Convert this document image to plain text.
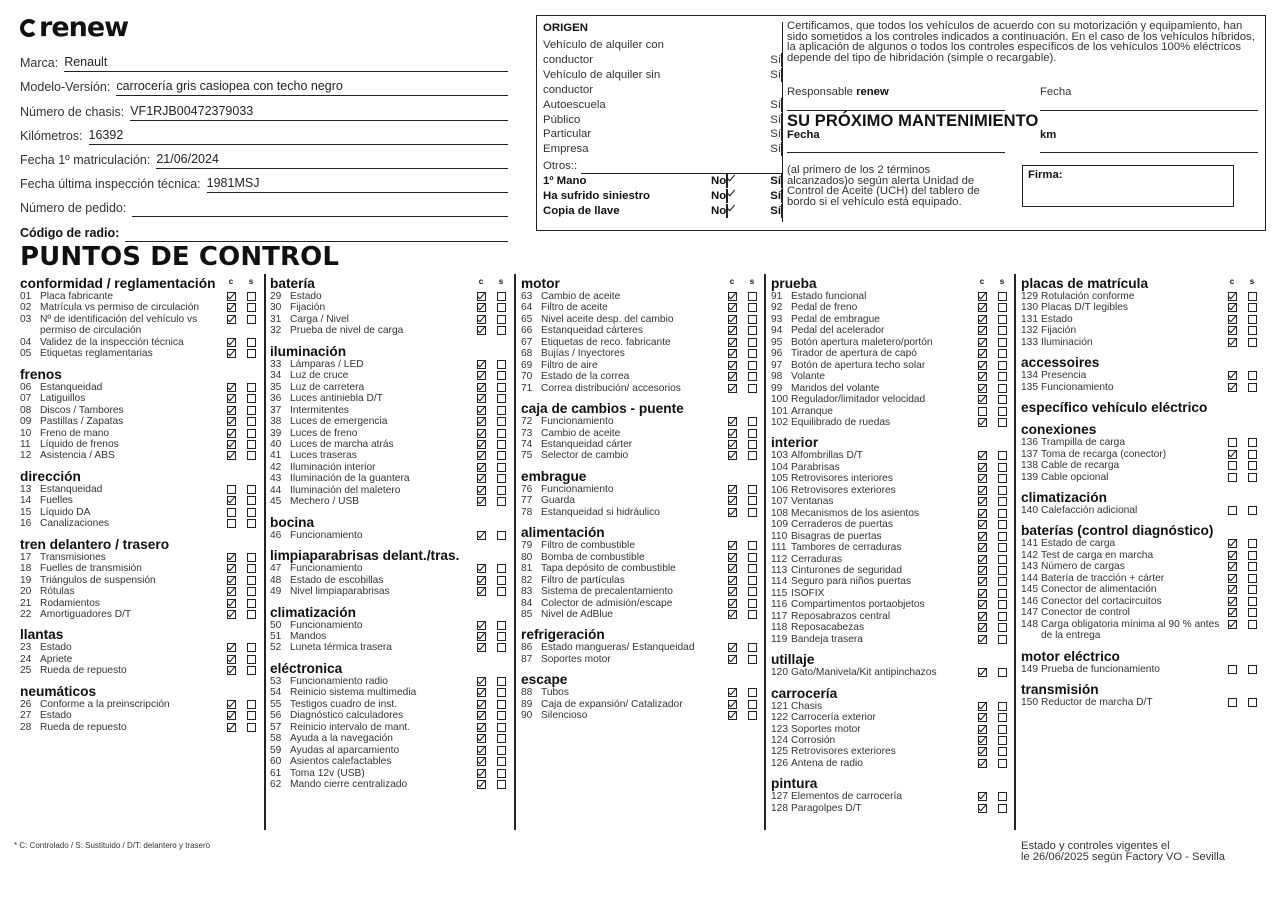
renew
Marca: Renault
Modelo-Versión: carrocería gris casiopea con techo negro
Número de chasis: VF1RJB00472379033
Kilómetros: 16392
Fecha 1º matriculación: 21/06/2024
Fecha última inspección técnica: 1981MSJ
Número de pedido:
Código de radio:
ORIGEN
Vehículo de alquiler con
conductor	Sí
Vehículo de alquiler sin	Sí
conductor
Autoescuela	Sí
Público	Sí
Particular	Sí
Empresa	Sí
Otros::
1º Mano	No	Sí
Ha sufrido siniestro	No	Sí
Copia de llave	No	Sí
Certificamos, que todos los vehículos de acuerdo con su motorización y equipamiento, han sido sometidos a los controles indicados a continuación. En el caso de los vehículos híbridos, la aplicación de algunos o todos los controles específicos de los vehículos 100% eléctricos depende del tipo de hibridación (simple o recargable).
Responsable renew	Fecha
SU PRÓXIMO MANTENIMIENTO
Fecha	km
(al primero de los 2 términos alcanzados)o según alerta Unidad de Control de Aceite (UCH) del tablero de bordo si el vehículo está equipado.
Firma:
PUNTOS DE CONTROL
conformidad / reglamentación	c	s
01 Placa fabricante
02 Matrícula vs permiso de circulación
03 Nº de identificación del vehículo vs permiso de circulación
04 Validez de la inspección técnica
05 Etiquetas reglamentarias
frenos
06 Estanqueidad
07 Latiguillos
08 Discos / Tambores
09 Pastillas / Zapatas
10 Freno de mano
11 Líquido de frenos
12 Asistencia / ABS
dirección
13 Estanqueidad
14 Fuelles
15 Líquido DA
16 Canalizaciones
tren delantero / trasero
17 Transmisiones
18 Fuelles de transmisión
19 Triángulos de suspensión
20 Rótulas
21 Rodamientos
22 Amortiguadores D/T
llantas
23 Estado
24 Apriete
25 Rueda de repuesto
neumáticos
26 Conforme a la preinscripción
27 Estado
28 Rueda de repuesto
batería	c	s
29 Estado
30 Fijación
31 Carga / Nivel
32 Prueba de nivel de carga
iluminación
33 Lámparas / LED
34 Luz de cruce
35 Luz de carretera
36 Luces antiniebla D/T
37 Intermitentes
38 Luces de emergencia
39 Luces de freno
40 Luces de marcha atrás
41 Luces traseras
42 Iluminación interior
43 Iluminación de la guantera
44 Iluminación del maletero
45 Mechero / USB
bocina
46 Funcionamiento
limpiaparabrisas delant./tras.
47 Funcionamiento
48 Estado de escobillas
49 Nivel limpiaparabrisas
climatización
50 Funcionamiento
51 Mandos
52 Luneta térmica trasera
eléctronica
53 Funcionamiento radio
54 Reinicio sistema multimedia
55 Testigos cuadro de inst.
56 Diagnóstico calculadores
57 Reinicio intervalo de mant.
58 Ayuda a la navegación
59 Ayudas al aparcamiento
60 Asientos calefactables
61 Toma 12v (USB)
62 Mando cierre centralizado
motor	c	s
63 Cambio de aceite
64 Filtro de aceite
65 Nivel aceite desp. del cambio
66 Estanqueidad cárteres
67 Etiquetas de reco. fabricante
68 Bujías / Inyectores
69 Filtro de aire
70 Estado de la correa
71 Correa distribución/ accesorios
caja de cambios - puente
72 Funcionamiento
73 Cambio de aceite
74 Estanqueidad cárter
75 Selector de cambio
embrague
76 Funcionamiento
77 Guarda
78 Estanqueidad si hidráulico
alimentación
79 Filtro de combustible
80 Bomba de combustible
81 Tapa depósito de combustible
82 Filtro de partículas
83 Sistema de precalentamiento
84 Colector de admisión/escape
85 Nivel de AdBlue
refrigeración
86 Estado mangueras/ Estanqueidad
87 Soportes motor
escape
88 Tubos
89 Caja de expansión/ Catalizador
90 Silencioso
prueba	c	s
91 Estado funcional
92 Pedal de freno
93 Pedal de embrague
94 Pedal del acelerador
95 Botón apertura maletero/portón
96 Tirador de apertura de capó
97 Botón de apertura techo solar
98 Volante
99 Mandos del volante
100 Regulador/limitador velocidad
101 Arranque
102 Equilibrado de ruedas
interior
103 Alfombrillas D/T
104 Parabrisas
105 Retrovisores interiores
106 Retrovisores exteriores
107 Ventanas
108 Mecanismos de los asientos
109 Cerraderos de puertas
110 Bisagras de puertas
111 Tambores de cerraduras
112 Cerraduras
113 Cinturones de seguridad
114 Seguro para niños puertas
115 ISOFIX
116 Compartimentos portaobjetos
117 Reposabrazos central
118 Reposacabezas
119 Bandeja trasera
utillaje
120 Gato/Manivela/Kit antipinchazos
carrocería
121 Chasis
122 Carrocería exterior
123 Soportes motor
124 Corrosión
125 Retrovisores exteriores
126 Antena de radio
pintura
127 Elementos de carrocería
128 Paragolpes D/T
placas de matrícula	c	s
129 Rotulación conforme
130 Placas D/T legibles
131 Estado
132 Fijación
133 Iluminación
accessoires
134 Presencia
135 Funcionamiento
específico vehículo eléctrico
conexiones
136 Trampilla de carga
137 Toma de recarga (conector)
138 Cable de recarga
139 Cable opcional
climatización
140 Calefacción adicional
baterías (control diagnóstico)
141 Estado de carga
142 Test de carga en marcha
143 Número de cargas
144 Batería de tracción + cárter
145 Conector de alimentación
146 Conector del cortacircuitos
147 Conector de control
148 Carga obligatoria mínima al 90 % antes de la entrega
motor eléctrico
149 Prueba de funcionamiento
transmisión
150 Reductor de marcha D/T
* C: Controlado / S: Sustituido / D/T: delantero y trasero	Estado y controles vigentes el
le 26/06/2025 según Factory VO - Sevilla
